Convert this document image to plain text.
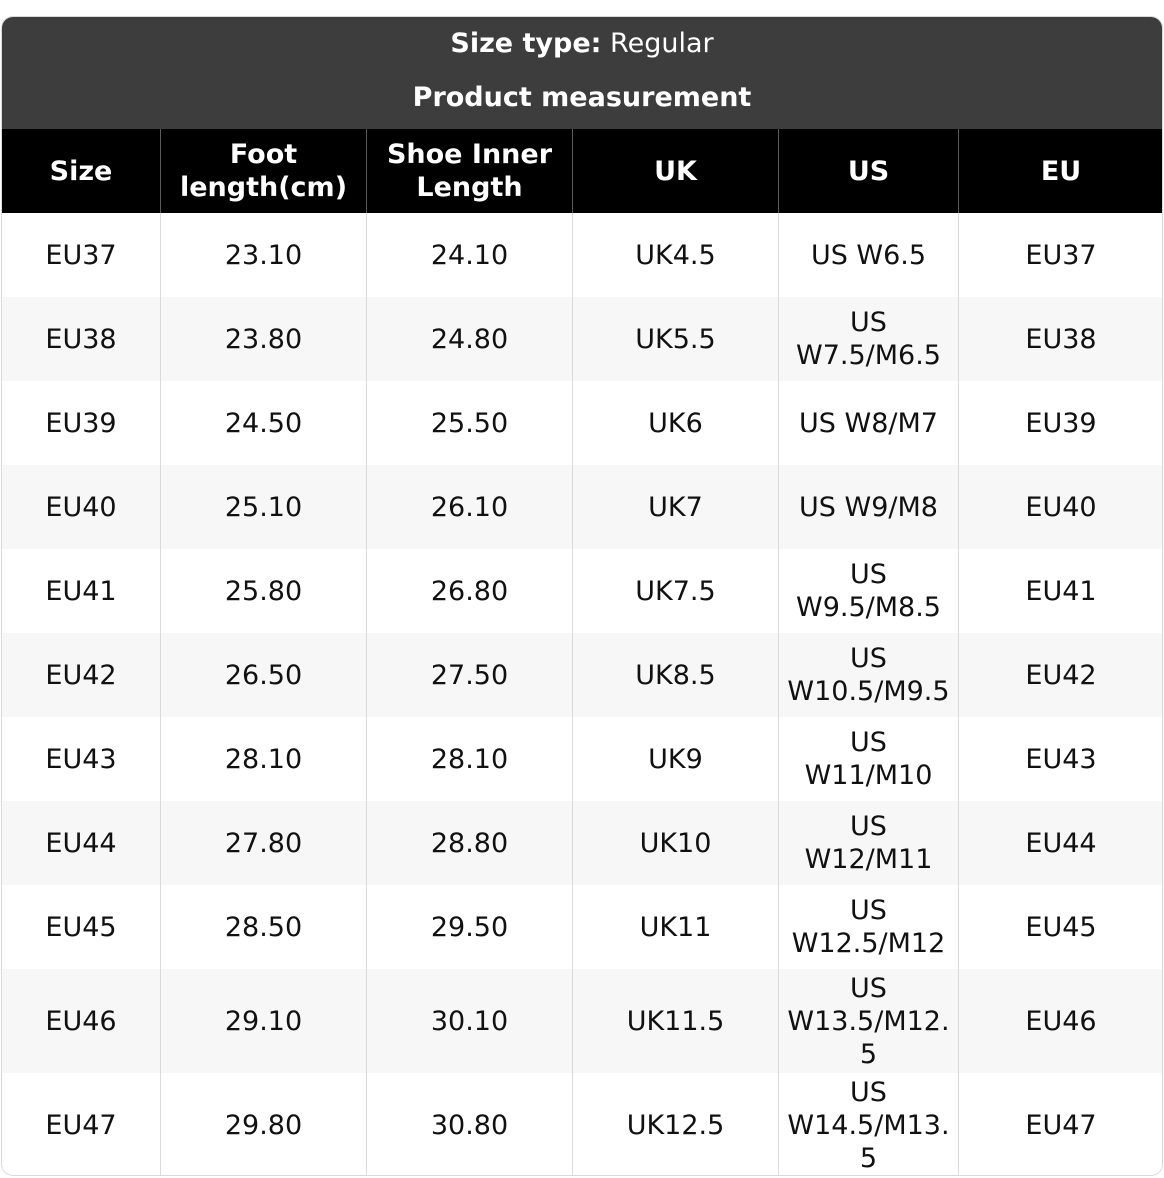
Size type: Regular
Product measurement
Size	Foot length(cm)	Shoe Inner Length	UK	US	EU
EU37	23.10	24.10	UK4.5	US W6.5	EU37
EU38	23.80	24.80	UK5.5	US W7.5/M6.5	EU38
EU39	24.50	25.50	UK6	US W8/M7	EU39
EU40	25.10	26.10	UK7	US W9/M8	EU40
EU41	25.80	26.80	UK7.5	US W9.5/M8.5	EU41
EU42	26.50	27.50	UK8.5	US W10.5/M9.5	EU42
EU43	28.10	28.10	UK9	US W11/M10	EU43
EU44	27.80	28.80	UK10	US W12/M11	EU44
EU45	28.50	29.50	UK11	US W12.5/M12	EU45
EU46	29.10	30.10	UK11.5	US W13.5/M12.5	EU46
EU47	29.80	30.80	UK12.5	US W14.5/M13.5	EU47
